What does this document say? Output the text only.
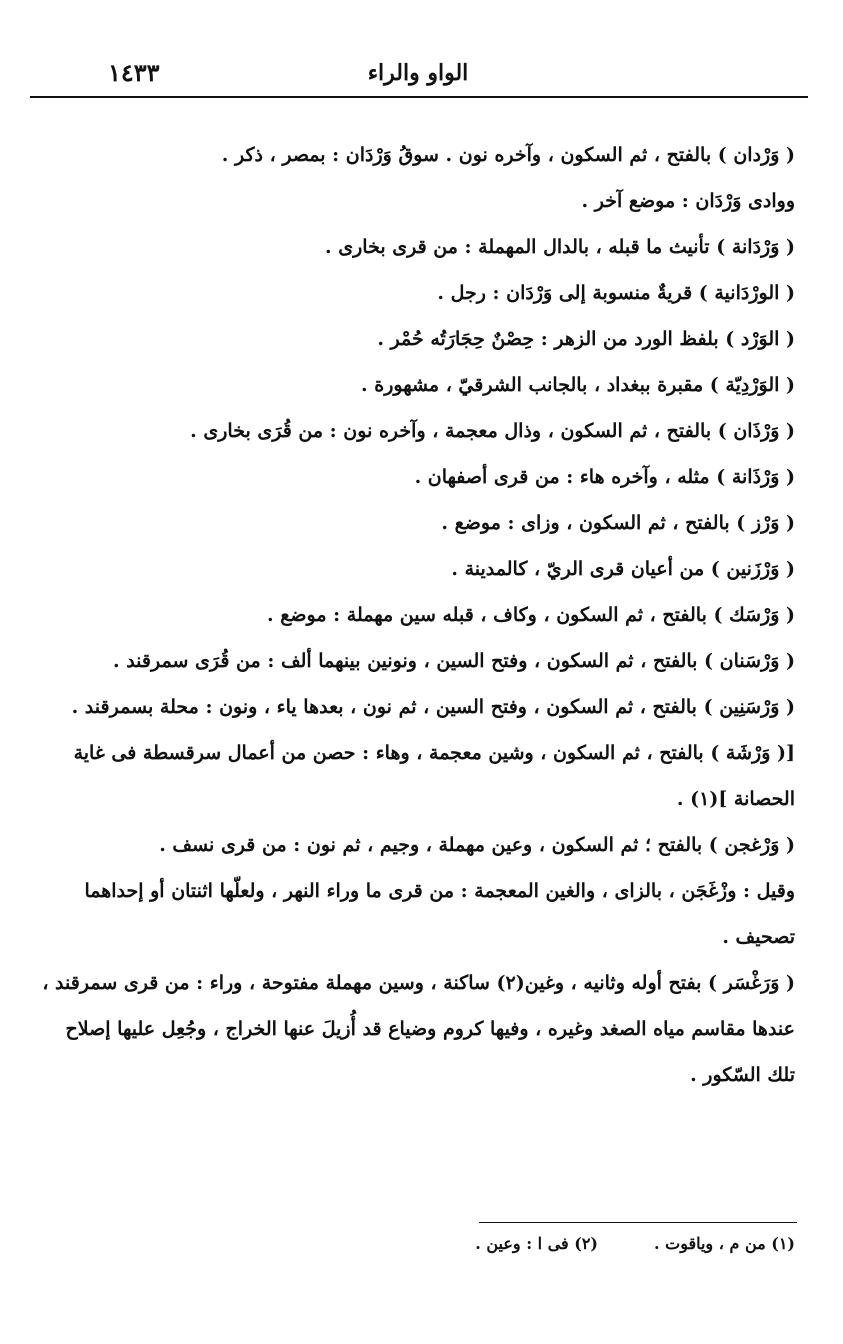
١٤٣٣	الواو والراء

( وَرْدان ) بالفتح ، ثم السكون ، وآخره نون . سوقُ وَرْدَان : بمصر ، ذكر .

ووادى وَرْدَان : موضع آخر .

( وَرْدَانة ) تأنيث ما قبله ، بالدال المهملة : من قرى بخارى .

( الورْدَانية ) قريةٌ منسوبة إلى وَرْدَان : رجل .

( الوَرْد ) بلفظ الورد من الزهر : حِصْنٌ حِجَارَتُه حُمْر .

( الوَرْدِيّة ) مقبرة ببغداد ، بالجانب الشرقيّ ، مشهورة .

( وَرْذَان ) بالفتح ، ثم السكون ، وذال معجمة ، وآخره نون : من قُرَى بخارى .

( وَرْذَانة ) مثله ، وآخره هاء : من قرى أصفهان .

( وَرْز ) بالفتح ، ثم السكون ، وزاى : موضع .

( وَرْزَنين ) من أعيان قرى الريّ ، كالمدينة .

( وَرْسَك ) بالفتح ، ثم السكون ، وكاف ، قبله سين مهملة : موضع .

( وَرْسَنان ) بالفتح ، ثم السكون ، وفتح السين ، ونونين بينهما ألف : من قُرَى سمرقند .

( وَرْسَنِين ) بالفتح ، ثم السكون ، وفتح السين ، ثم نون ، بعدها ياء ، ونون : محلة بسمرقند .

[( وَرْشَة ) بالفتح ، ثم السكون ، وشين معجمة ، وهاء : حصن من أعمال سرقسطة فى غاية الحصانة ](١) .

( وَرْغجن ) بالفتح ؛ ثم السكون ، وعين مهملة ، وجيم ، ثم نون : من قرى نسف .

وقيل : وزْغَجَن ، بالزاى ، والغين المعجمة : من قرى ما وراء النهر ، ولعلّها اثنتان أو إحداهما تصحيف .

( وَرَغْسَر ) بفتح أوله وثانيه ، وغين(٢) ساكنة ، وسين مهملة مفتوحة ، وراء : من قرى سمرقند ، عندها مقاسم مياه الصغد وغيره ، وفيها كروم وضياع قد أُزيلَ عنها الخراج ، وجُعِل عليها إصلاح تلك السّكور .

(١) من م ، وياقوت .
(٢) فى ا : وعين .
